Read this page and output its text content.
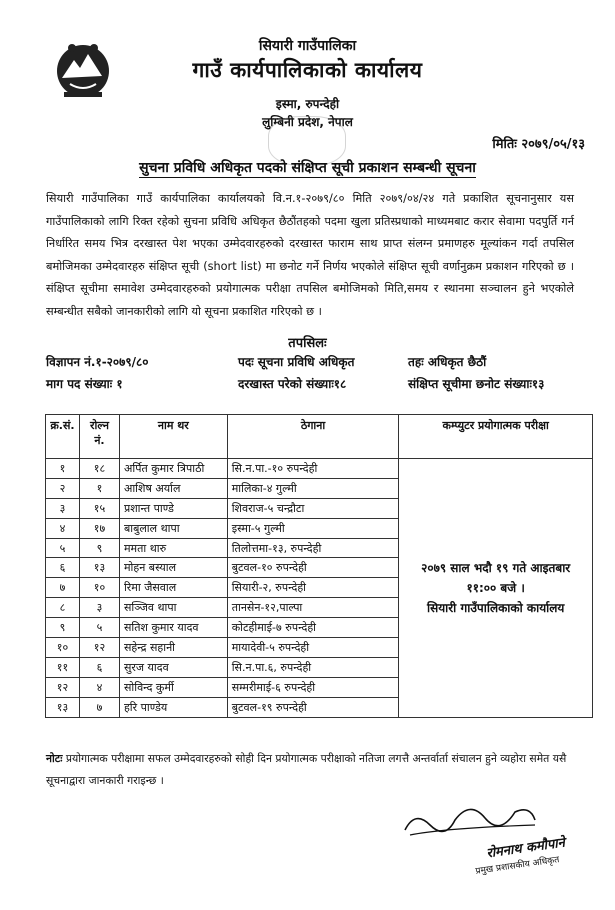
सियारी गाउँपालिका
गाउँ कार्यपालिकाको कार्यालय
इस्मा, रुपन्देही
लुम्बिनी प्रदेश, नेपाल
मितिः २०७९/०५/१३
सुचना प्रविधि अधिकृत पदको संक्षिप्त सूची प्रकाशन सम्बन्धी सूचना
सियारी गाउँपालिका गाउँ कार्यपालिका कार्यालयको वि.न.१-२०७९/८० मिति २०७९/०४/२४ गते प्रकाशित सूचनानुसार यस गाउँपालिकाको लागि रिक्त रहेको सुचना प्रविधि अधिकृत छैठौंतहको पदमा खुला प्रतिस्प्रधाको माध्यमबाट करार सेवामा पदपुर्ति गर्न निर्धारित समय भित्र दरखास्त पेश भएका उम्मेदवारहरुको दरखास्त फाराम साथ प्राप्त संलग्न प्रमाणहरु मूल्यांकन गर्दा तपसिल बमोजिमका उम्मेदवारहरु संक्षिप्त सूची (short list) मा छनोट गर्ने निर्णय भएकोले संक्षिप्त सूची वर्णानुक्रम प्रकाशन गरिएको छ । संक्षिप्त सूचीमा समावेश उम्मेदवारहरुको प्रयोगात्मक परीक्षा तपसिल बमोजिमको मिति,समय र स्थानमा सञ्चालन हुने भएकोले सम्बन्धीत सबैको जानकारीको लागि यो सूचना प्रकाशित गरिएको छ ।
तपसिलः
विज्ञापन नं.१-२०७९/८०	पदः सूचना प्रविधि अधिकृत	तहः अधिकृत छैठौं
माग पद संख्याः १	दरखास्त परेको संख्याः१८	संक्षिप्त सूचीमा छनोट संख्याः१३
क्र.सं.	रोल्न नं.	नाम थर	ठेगाना	कम्प्युटर प्रयोगात्मक परीक्षा
१	१८	अर्पित कुमार त्रिपाठी	सि.न.पा.-१० रुपन्देही	२०७९ साल भदौ १९ गते आइतबार
११:०० बजे ।
सियारी गाउँपालिकाको कार्यालय

२	१	आशिष अर्याल	मालिका-४ गुल्मी	
३	१५	प्रशान्त पाण्डे	शिवराज-५ चन्द्रौटा	
४	१७	बाबुलाल थापा	इस्मा-५ गुल्मी	
५	९	ममता थारु	तिलोत्तमा-१३, रुपन्देही	
६	१३	मोहन बस्याल	बुटवल-१० रुपन्देही	
७	१०	रिमा जैसवाल	सियारी-२, रुपन्देही	
८	३	सञ्जिव थापा	तानसेन-१२,पाल्पा	
९	५	सतिश कुमार यादव	कोटहीमाई-७ रुपन्देही	
१०	१२	सहेन्द्र सहानी	मायादेवी-५ रुपन्देही	
११	६	सुरज यादव	सि.न.पा.६, रुपन्देही	
१२	४	सोविन्द कुर्मी	सम्मरीमाई-६ रुपन्देही	
१३	७	हरि पाण्डेय	बुटवल-१९ रुपन्देही	
नोटः प्रयोगात्मक परीक्षामा सफल उम्मेदवारहरुको सोही दिन प्रयोगात्मक परीक्षाको नतिजा लगत्तै अन्तर्वार्ता संचालन हुने व्यहोरा समेत यसै सूचनाद्वारा जानकारी गराइन्छ ।
रोमनाथ कमौपाने
प्रमुख प्रशासकीय अधिकृत
